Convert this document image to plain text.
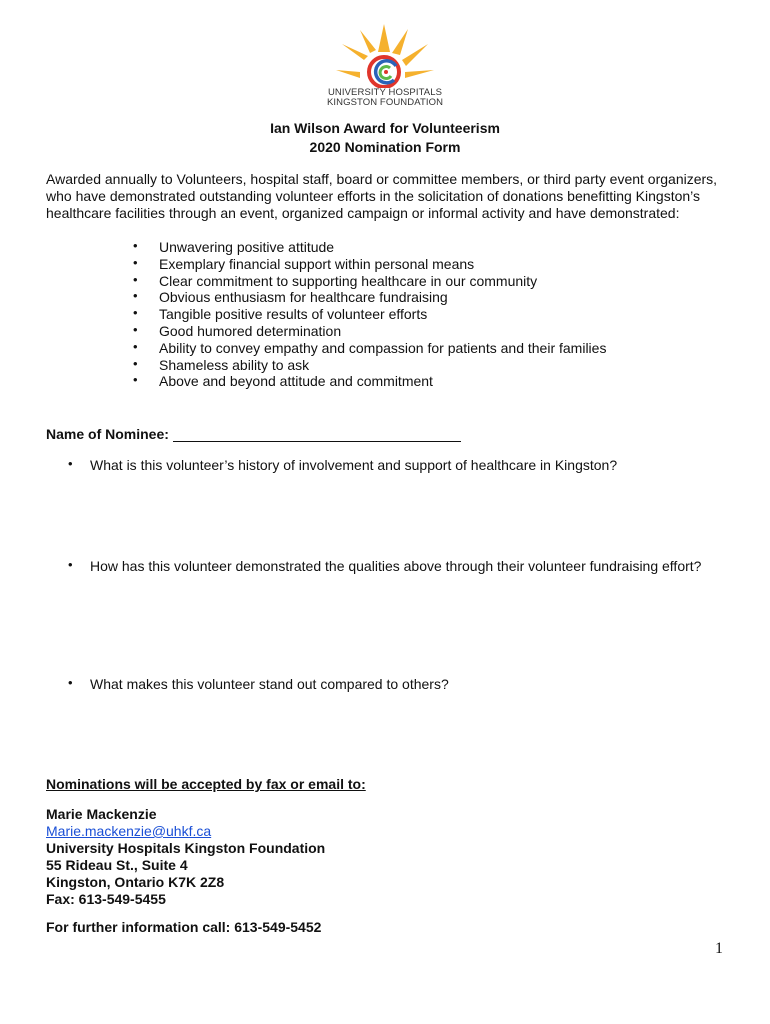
UNIVERSITY HOSPITALS
KINGSTON FOUNDATION
Ian Wilson Award for Volunteerism
2020 Nomination Form
Awarded annually to Volunteers, hospital staff, board or committee members, or third party event organizers, who have demonstrated outstanding volunteer efforts in the solicitation of donations benefitting Kingston’s healthcare facilities through an event, organized campaign or informal activity and have demonstrated:
• Unwavering positive attitude
• Exemplary financial support within personal means
• Clear commitment to supporting healthcare in our community
• Obvious enthusiasm for healthcare fundraising
• Tangible positive results of volunteer efforts
• Good humored determination
• Ability to convey empathy and compassion for patients and their families
• Shameless ability to ask
• Above and beyond attitude and commitment
Name of Nominee:
•	What is this volunteer’s history of involvement and support of healthcare in Kingston?
•	How has this volunteer demonstrated the qualities above through their volunteer fundraising effort?
•	What makes this volunteer stand out compared to others?
Nominations will be accepted by fax or email to:
Marie Mackenzie
Marie.mackenzie@uhkf.ca
University Hospitals Kingston Foundation
55 Rideau St., Suite 4
Kingston, Ontario K7K 2Z8
Fax: 613-549-5455
For further information call: 613-549-5452
1
